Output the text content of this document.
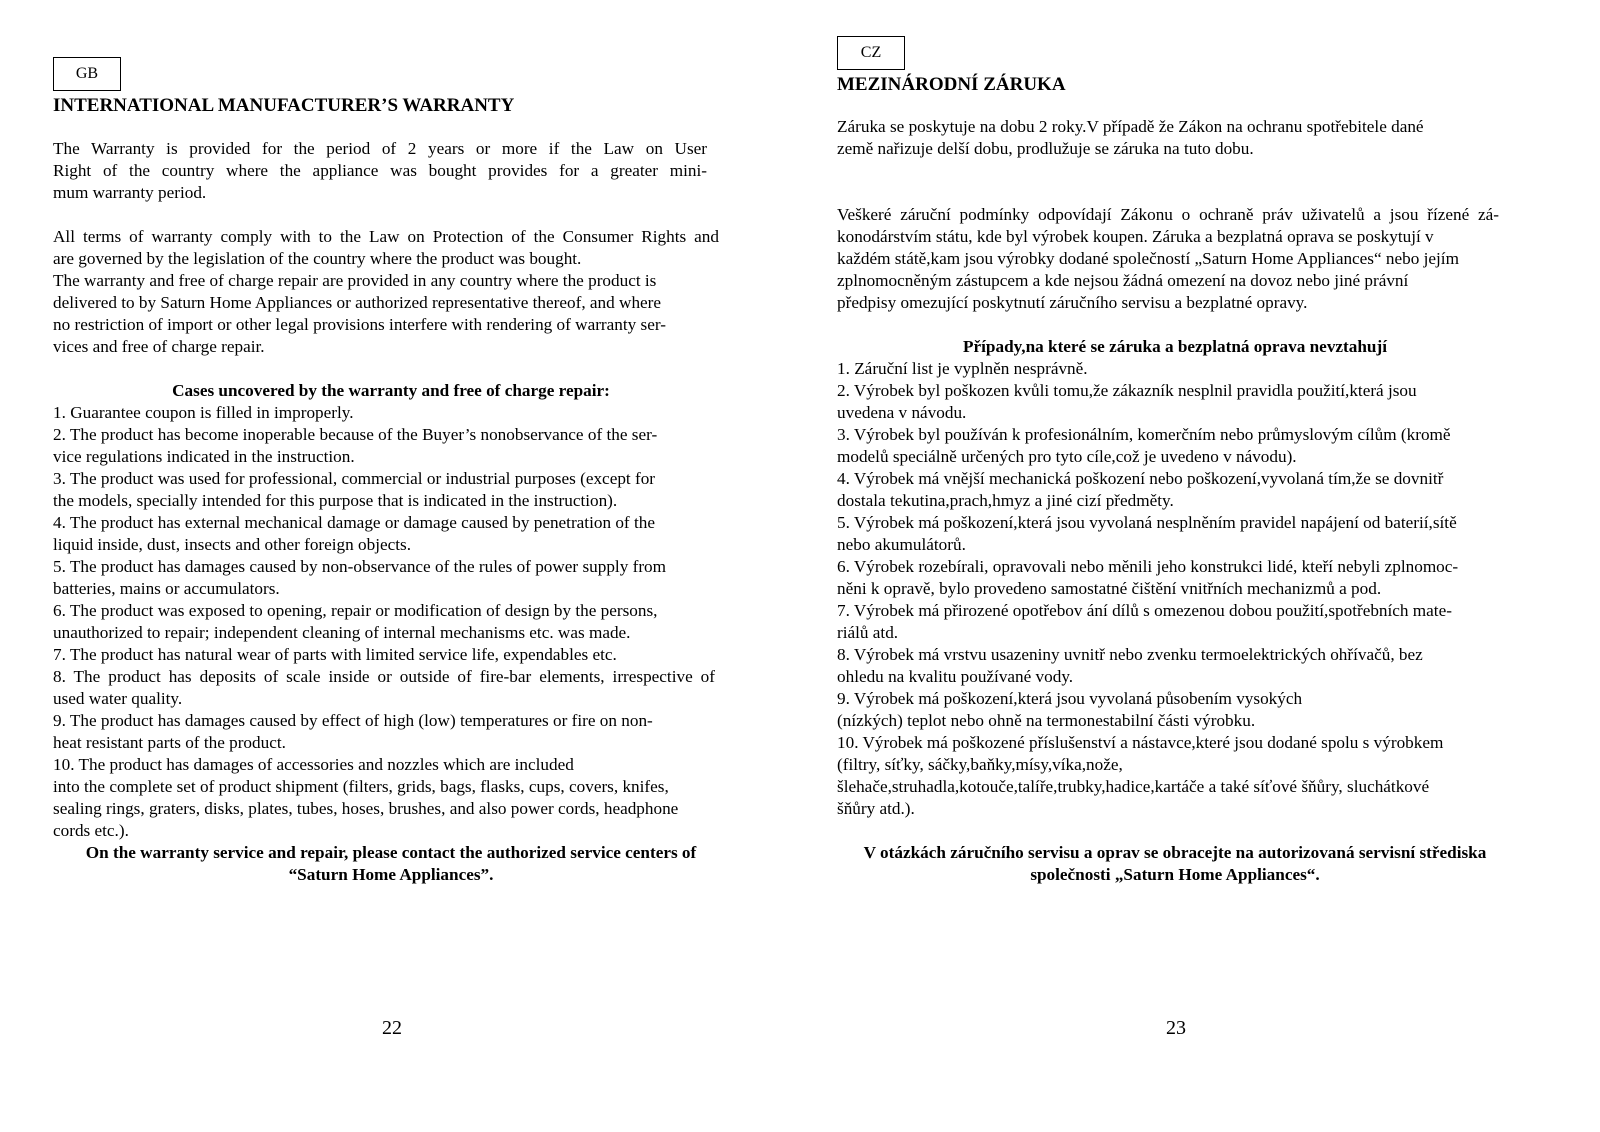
GB
INTERNATIONAL MANUFACTURER’S WARRANTY

The Warranty is provided for the period of 2 years or more if the Law on User
Right of the country where the appliance was bought provides for a greater mini-
mum warranty period.

All terms of warranty comply with to the Law on Protection of the Consumer Rights and
are governed by the legislation of the country where the product was bought.
The warranty and free of charge repair are provided in any country where the product is
delivered to by Saturn Home Appliances or authorized representative thereof, and where
no restriction of import or other legal provisions interfere with rendering of warranty ser-
vices and free of charge repair.

Cases uncovered by the warranty and free of charge repair:

1. Guarantee coupon is filled in improperly.
2. The product has become inoperable because of the Buyer’s nonobservance of the ser-
vice regulations indicated in the instruction.
3. The product was used for professional, commercial or industrial purposes (except for
the models, specially intended for this purpose that is indicated in the instruction).
4. The product has external mechanical damage or damage caused by penetration of the
liquid inside, dust, insects and other foreign objects.
5. The product has damages caused by non-observance of the rules of power supply from
batteries, mains or accumulators.
6. The product was exposed to opening, repair or modification of design by the persons,
unauthorized to repair; independent cleaning of internal mechanisms etc. was made.
7. The product has natural wear of parts with limited service life, expendables etc.
8. The product has deposits of scale inside or outside of fire-bar elements, irrespective of
used water quality.
9. The product has damages caused by effect of high (low) temperatures or fire on non-
heat resistant parts of the product.
10. The product has damages of accessories and nozzles which are included
into the complete set of product shipment (filters, grids, bags, flasks, cups, covers, knifes,
sealing rings, graters, disks, plates, tubes, hoses, brushes, and also power cords, headphone
cords etc.).

On the warranty service and repair, please contact the authorized service centers of
“Saturn Home Appliances”.

22
CZ
MEZINÁRODNÍ ZÁRUKA

Záruka se poskytuje na dobu 2 roky.V případě že Zákon na ochranu spotřebitele dané
země nařizuje delší dobu, prodlužuje se záruka na tuto dobu.

Veškeré záruční podmínky odpovídají Zákonu o ochraně práv uživatelů a jsou řízené zá-
konodárstvím státu, kde byl výrobek koupen. Záruka a bezplatná oprava se poskytují v
každém státě,kam jsou výrobky dodané společností „Saturn Home Appliances“ nebo jejím
zplnomocněným zástupcem a kde nejsou žádná omezení na dovoz nebo jiné právní
předpisy omezující poskytnutí záručního servisu a bezplatné opravy.

Případy,na které se záruka a bezplatná oprava nevztahují

1. Záruční list je vyplněn nesprávně.
2. Výrobek byl poškozen kvůli tomu,že zákazník nesplnil pravidla použití,která jsou
uvedena v návodu.
3. Výrobek byl používán k profesionálním, komerčním nebo průmyslovým cílům (kromě
modelů speciálně určených pro tyto cíle,což je uvedeno v návodu).
4. Výrobek má vnější mechanická poškození nebo poškození,vyvolaná tím,že se dovnitř
dostala tekutina,prach,hmyz a jiné cizí předměty.
5. Výrobek má poškození,která jsou vyvolaná nesplněním pravidel napájení od baterií,sítě
nebo akumulátorů.
6. Výrobek rozebírali, opravovali nebo měnili jeho konstrukci lidé, kteří nebyli zplnomoc-
něni k opravě, bylo provedeno samostatné čištění vnitřních mechanizmů a pod.
7. Výrobek má přirozené opotřebov ání dílů s omezenou dobou použití,spotřebních mate-
riálů atd.
8. Výrobek má vrstvu usazeniny uvnitř nebo zvenku termoelektrických ohřívačů, bez
ohledu na kvalitu používané vody.
9. Výrobek má poškození,která jsou vyvolaná působením vysokých
(nízkých) teplot nebo ohně na termonestabilní části výrobku.
10. Výrobek má poškozené příslušenství a nástavce,které jsou dodané spolu s výrobkem
(filtry, síťky, sáčky,baňky,mísy,víka,nože,
šlehače,struhadla,kotouče,talíře,trubky,hadice,kartáče a také síťové šňůry, sluchátkové
šňůry atd.).

V otázkách záručního servisu a oprav se obracejte na autorizovaná servisní střediska
společnosti „Saturn Home Appliances“.

23
